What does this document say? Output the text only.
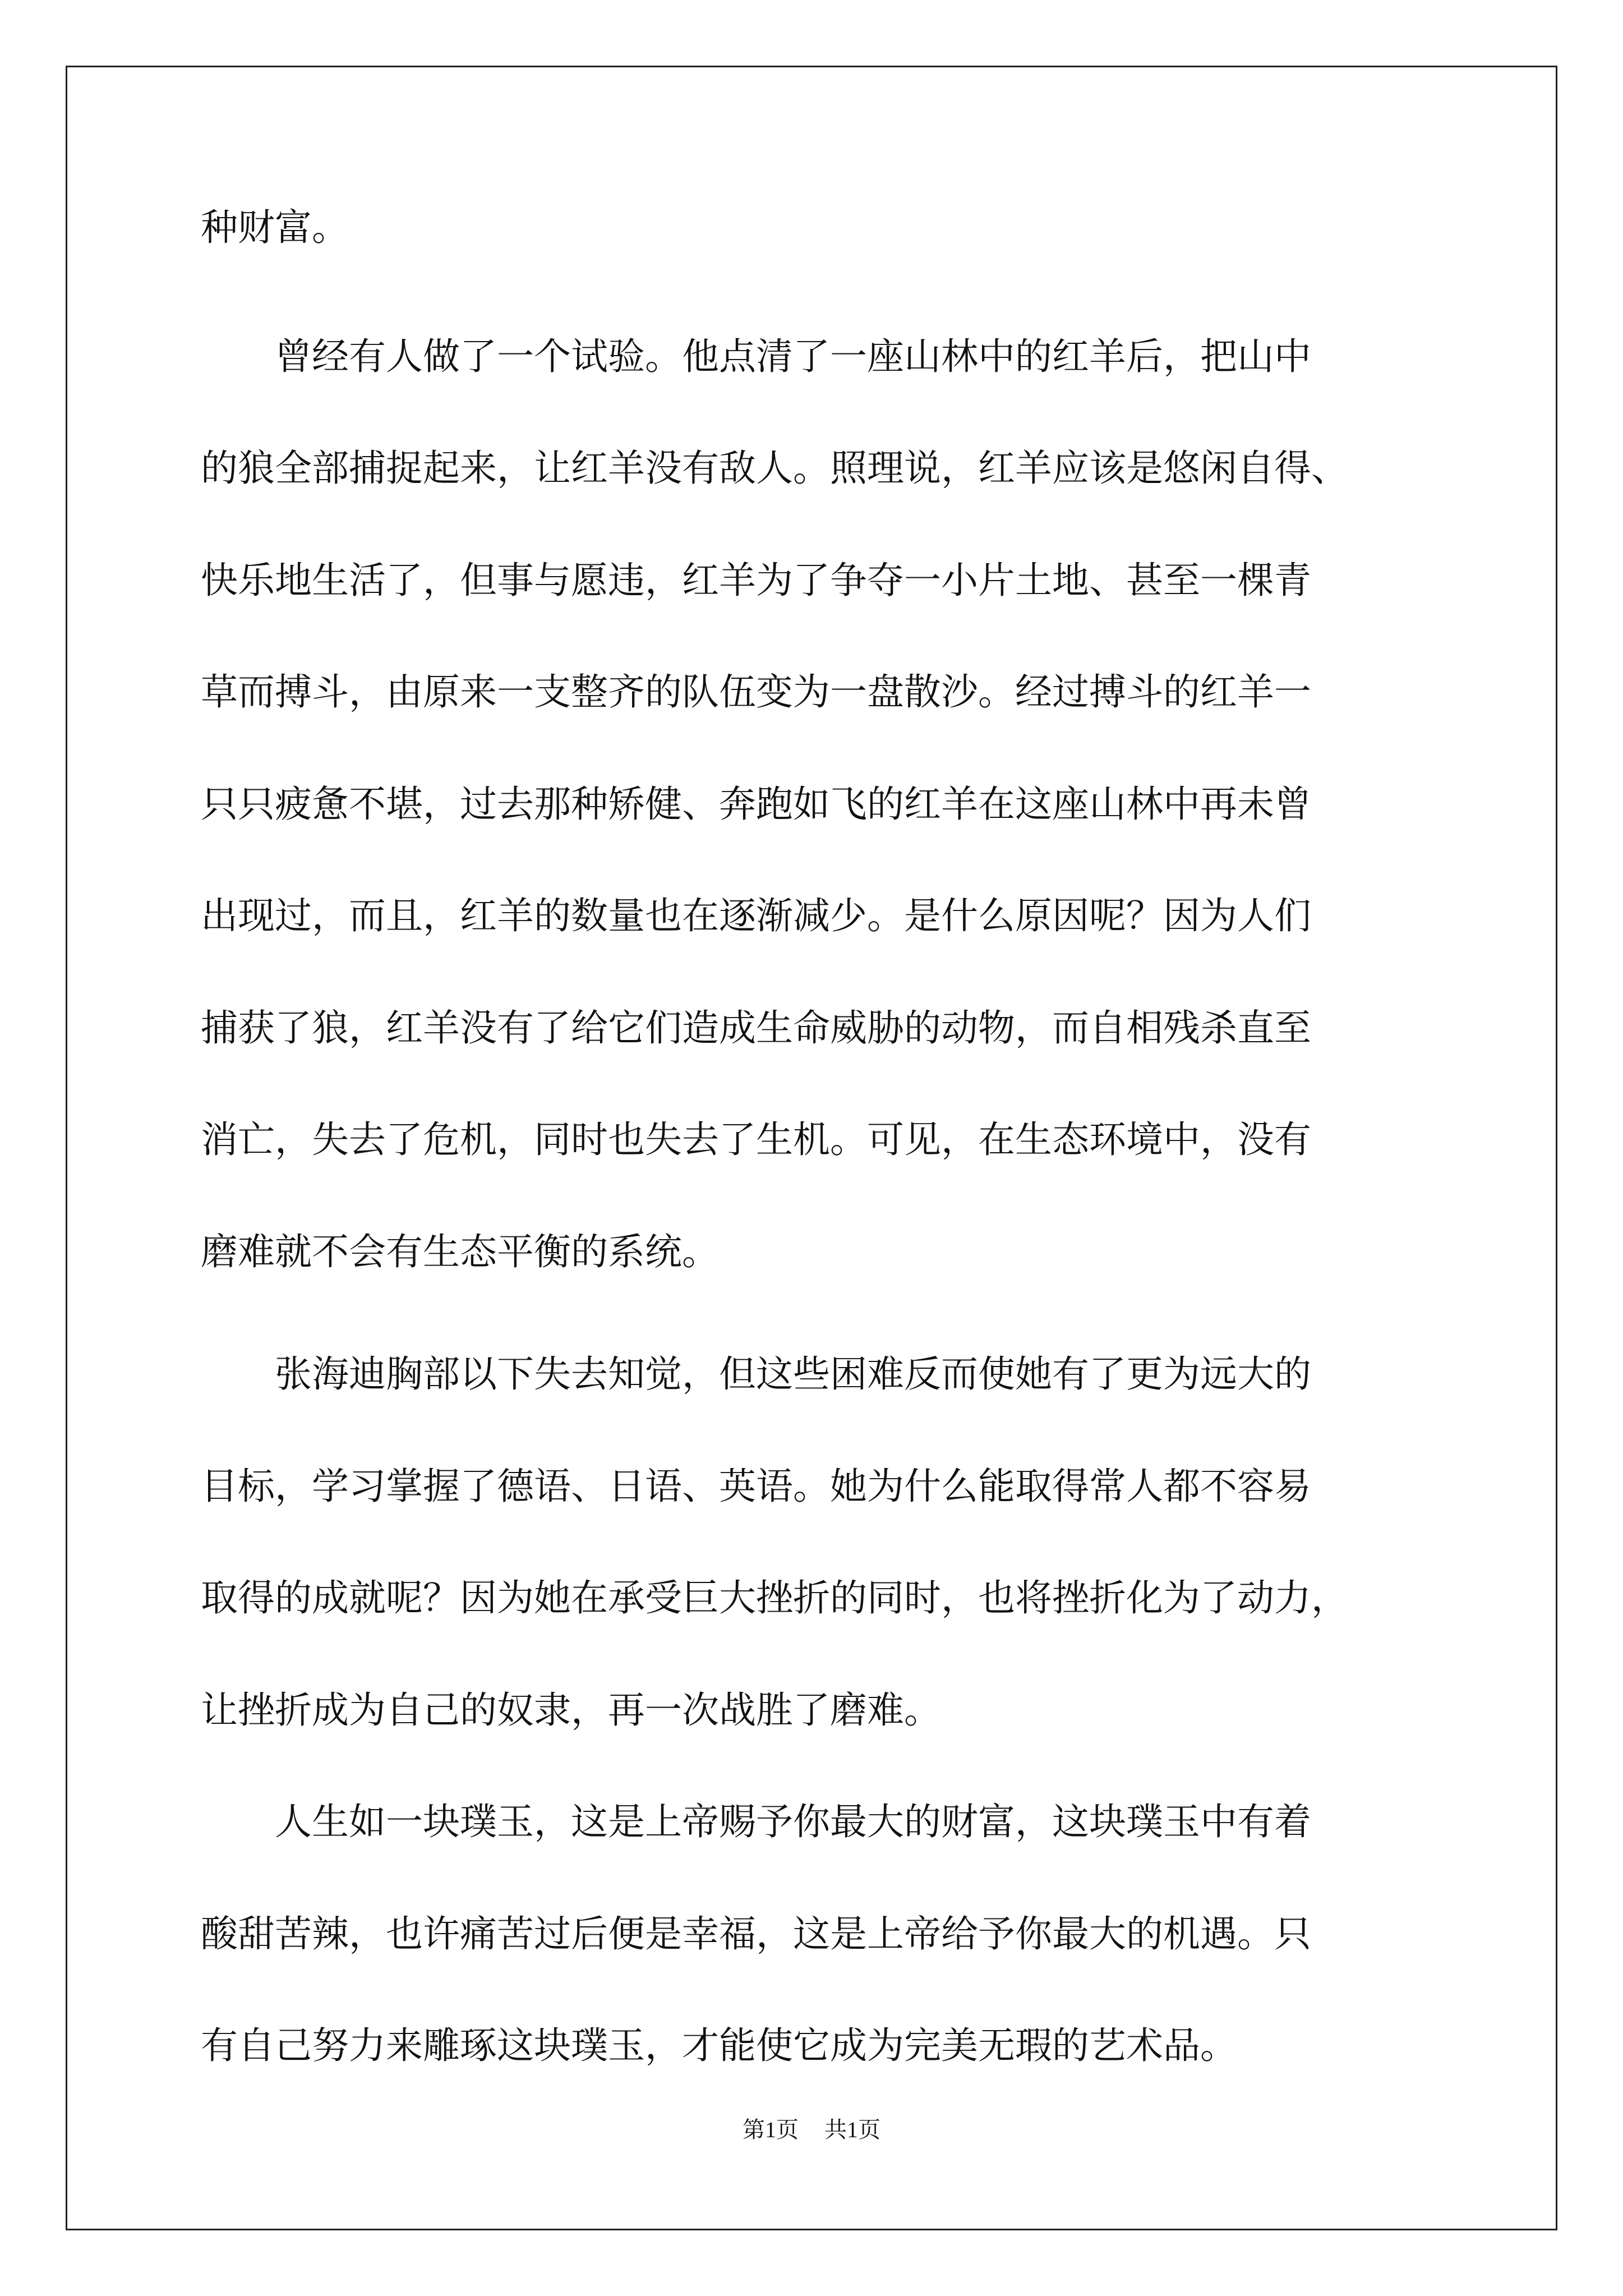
种财富。
　　曾经有人做了一个试验。他点清了一座山林中的红羊后，把山中
的狼全部捕捉起来，让红羊没有敌人。照理说，红羊应该是悠闲自得、
快乐地生活了，但事与愿违，红羊为了争夺一小片土地、甚至一棵青
草而搏斗，由原来一支整齐的队伍变为一盘散沙。经过搏斗的红羊一
只只疲惫不堪，过去那种矫健、奔跑如飞的红羊在这座山林中再未曾
出现过，而且，红羊的数量也在逐渐减少。是什么原因呢？因为人们
捕获了狼，红羊没有了给它们造成生命威胁的动物，而自相残杀直至
消亡，失去了危机，同时也失去了生机。可见，在生态环境中，没有
磨难就不会有生态平衡的系统。
　　张海迪胸部以下失去知觉，但这些困难反而使她有了更为远大的
目标，学习掌握了德语、日语、英语。她为什么能取得常人都不容易
取得的成就呢？因为她在承受巨大挫折的同时，也将挫折化为了动力，
让挫折成为自己的奴隶，再一次战胜了磨难。
　　人生如一块璞玉，这是上帝赐予你最大的财富，这块璞玉中有着
酸甜苦辣，也许痛苦过后便是幸福，这是上帝给予你最大的机遇。只
有自己努力来雕琢这块璞玉，才能使它成为完美无瑕的艺术品。
第1页 共1页
